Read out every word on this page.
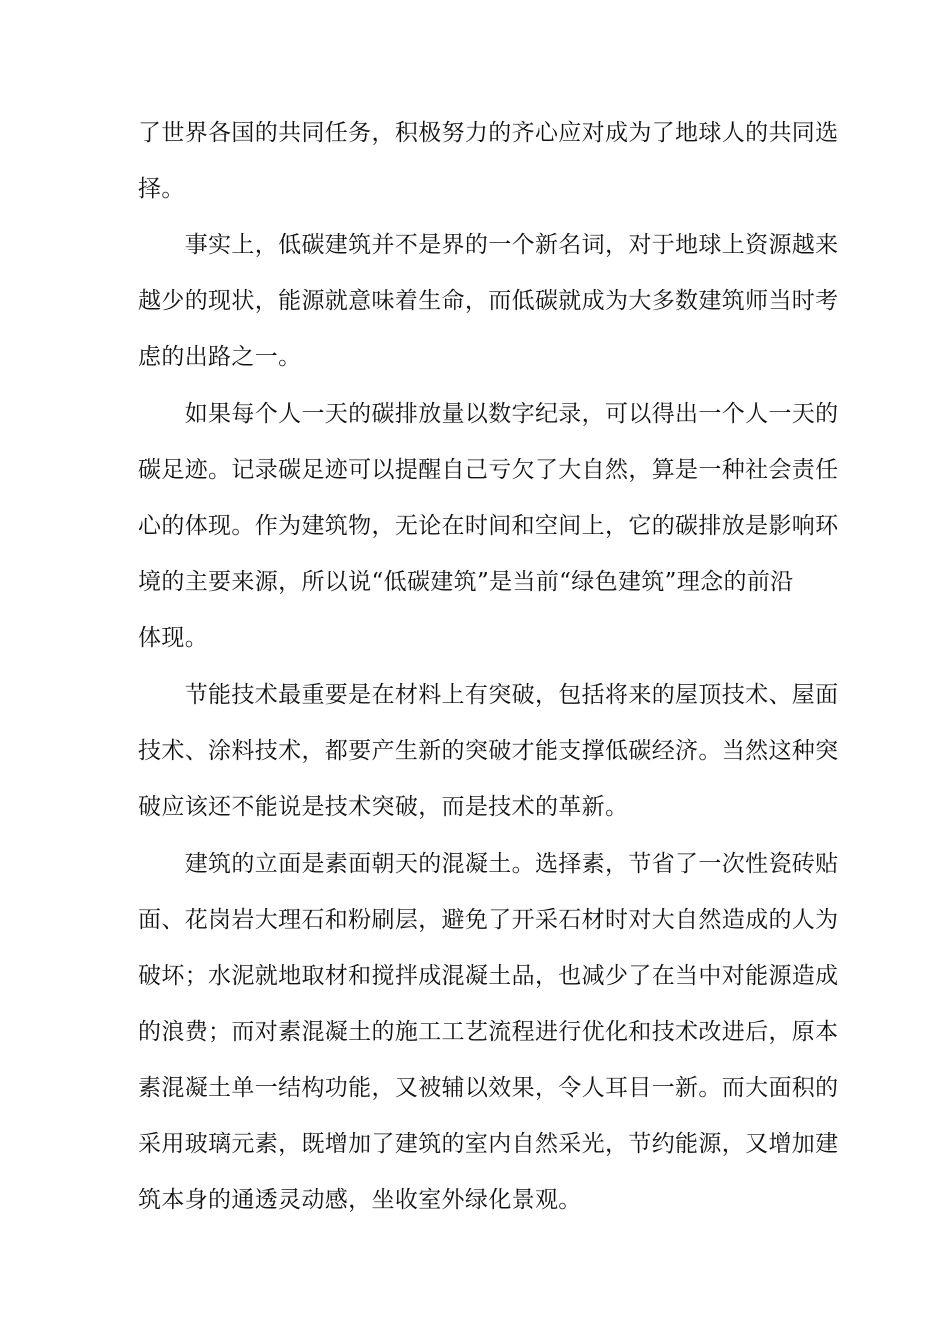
了世界各国的共同任务，积极努力的齐心应对成为了地球人的共同选
择。
　　事实上，低碳建筑并不是界的一个新名词，对于地球上资源越来
越少的现状，能源就意味着生命，而低碳就成为大多数建筑师当时考
虑的出路之一。
　　如果每个人一天的碳排放量以数字纪录，可以得出一个人一天的
碳足迹。记录碳足迹可以提醒自己亏欠了大自然，算是一种社会责任
心的体现。作为建筑物，无论在时间和空间上，它的碳排放是影响环
境的主要来源，所以说“低碳建筑”是当前“绿色建筑”理念的前沿
体现。
　　节能技术最重要是在材料上有突破，包括将来的屋顶技术、屋面
技术、涂料技术，都要产生新的突破才能支撑低碳经济。当然这种突
破应该还不能说是技术突破，而是技术的革新。
　　建筑的立面是素面朝天的混凝土。选择素，节省了一次性瓷砖贴
面、花岗岩大理石和粉刷层，避免了开采石材时对大自然造成的人为
破坏；水泥就地取材和搅拌成混凝土品，也减少了在当中对能源造成
的浪费；而对素混凝土的施工工艺流程进行优化和技术改进后，原本
素混凝土单一结构功能，又被辅以效果，令人耳目一新。而大面积的
采用玻璃元素，既增加了建筑的室内自然采光，节约能源，又增加建
筑本身的通透灵动感，坐收室外绿化景观。
